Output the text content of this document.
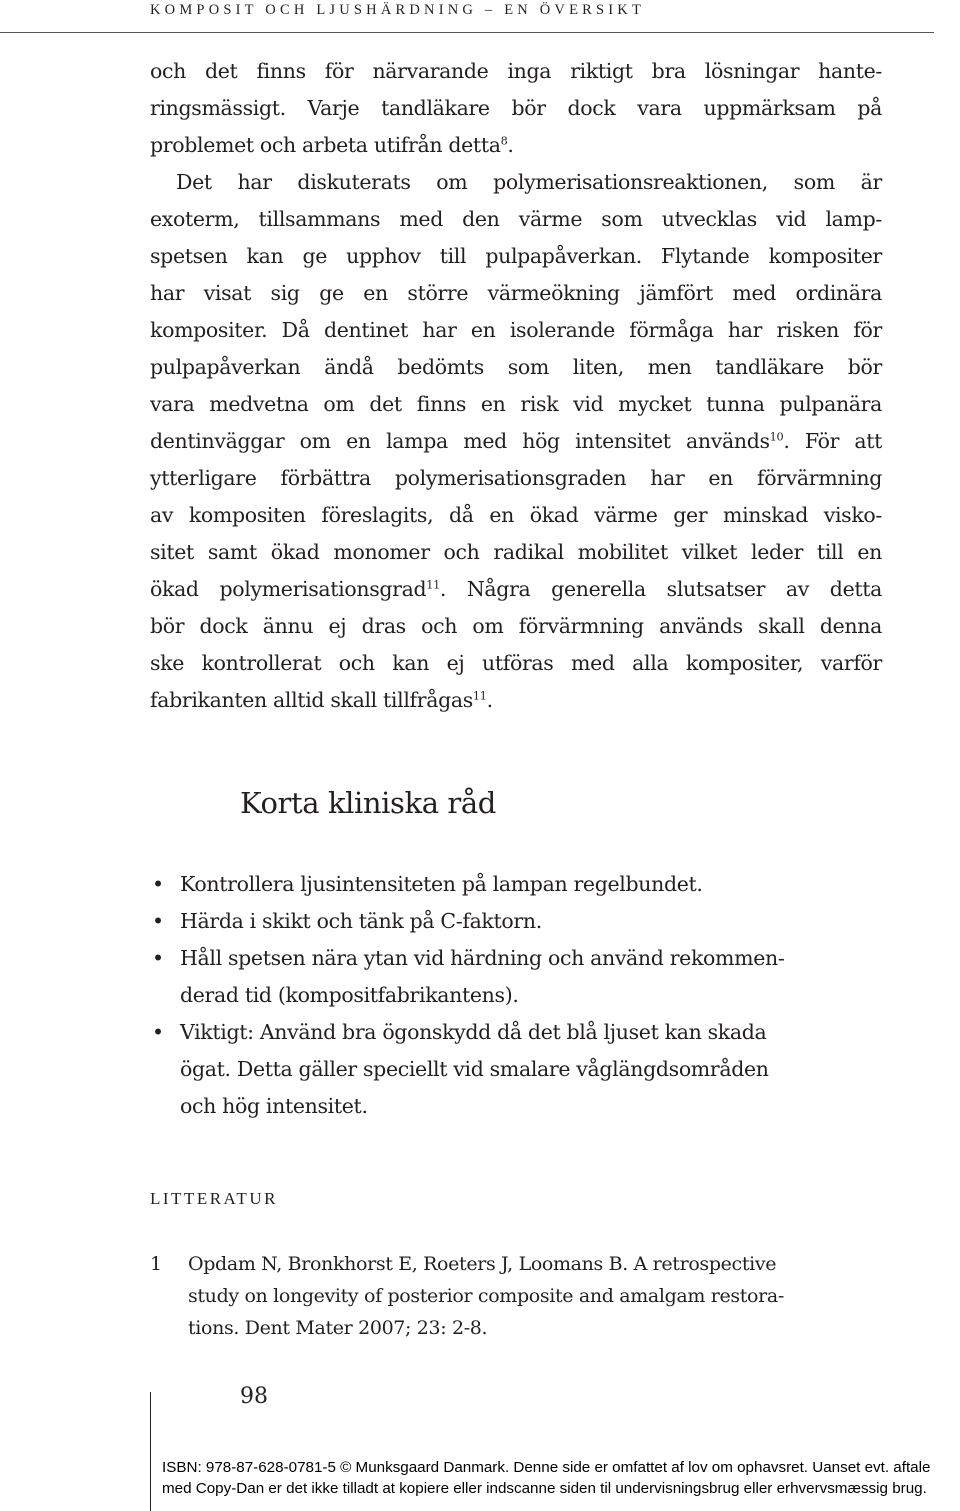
KOMPOSIT OCH LJUSHÄRDNING – EN ÖVERSIKT

och det finns för närvarande inga riktigt bra lösningar hante-
ringsmässigt. Varje tandläkare bör dock vara uppmärksam på
problemet och arbeta utifrån detta$^8$.
Det har diskuterats om polymerisationsreaktionen, som är
exoterm, tillsammans med den värme som utvecklas vid lamp-
spetsen kan ge upphov till pulpapåverkan. Flytande kompositer
har visat sig ge en större värmeökning jämfört med ordinära
kompositer. Då dentinet har en isolerande förmåga har risken för
pulpapåverkan ändå bedömts som liten, men tandläkare bör
vara medvetna om det finns en risk vid mycket tunna pulpanära
dentinväggar om en lampa med hög intensitet används$^{10}$. För att
ytterligare förbättra polymerisationsgraden har en förvärmning
av kompositen föreslagits, då en ökad värme ger minskad visko-
sitet samt ökad monomer och radikal mobilitet vilket leder till en
ökad polymerisationsgrad$^{11}$. Några generella slutsatser av detta
bör dock ännu ej dras och om förvärmning används skall denna
ske kontrollerat och kan ej utföras med alla kompositer, varför
fabrikanten alltid skall tillfrågas$^{11}$.

Korta kliniska råd
• Kontrollera ljusintensiteten på lampan regelbundet.
• Härda i skikt och tänk på C-faktorn.
• Håll spetsen nära ytan vid härdning och använd rekommen-
derad tid (kompositfabrikantens).
• Viktigt: Använd bra ögonskydd då det blå ljuset kan skada
ögat. Detta gäller speciellt vid smalare våglängdsområden
och hög intensitet.
LITTERATUR
1 Opdam N, Bronkhorst E, Roeters J, Loomans B. A retrospective
study on longevity of posterior composite and amalgam restora-
tions. Dent Mater 2007; 23: 2-8.
98
ISBN: 978-87-628-0781-5 © Munksgaard Danmark. Denne side er omfattet af lov om ophavsret. Uanset evt. aftale
med Copy-Dan er det ikke tilladt at kopiere eller indscanne siden til undervisningsbrug eller erhvervsmæssig brug.
